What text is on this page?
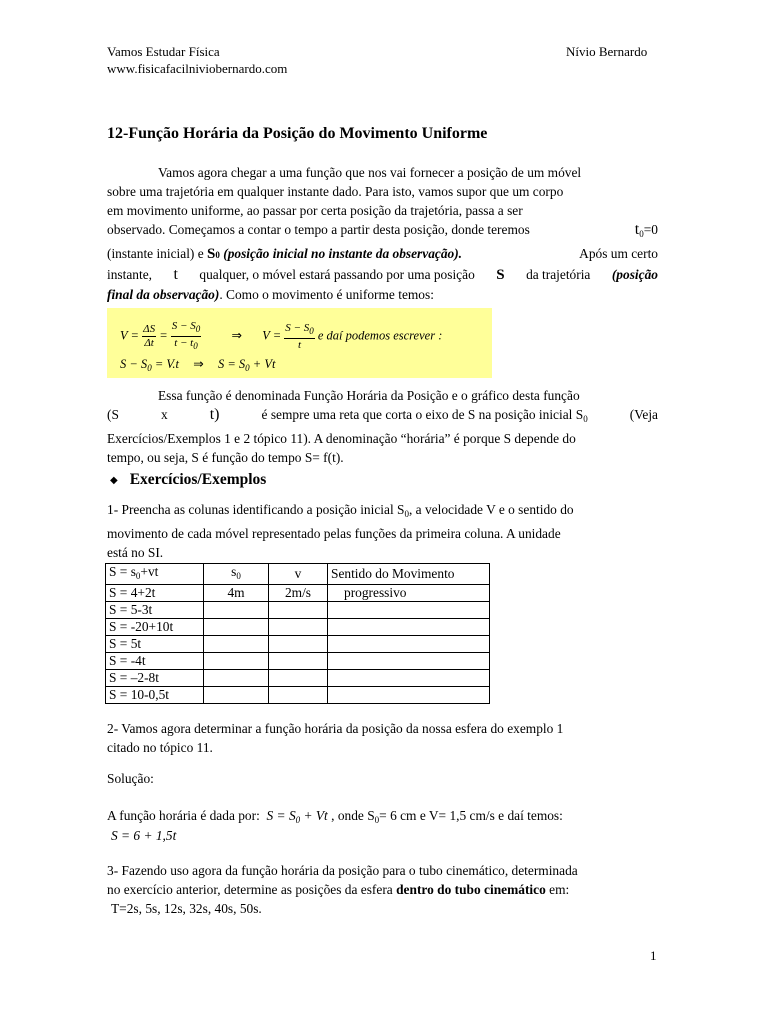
Vamos Estudar Física
www.fisicafacilniviobernardo.com
Nívio Bernardo
12-Função Horária da Posição do Movimento Uniforme
Vamos agora chegar a uma função que nos vai fornecer a posição de um móvel
sobre uma trajetória em qualquer instante dado. Para isto, vamos supor que um corpo
em movimento uniforme, ao passar por certa posição da trajetória, passa a ser
observado. Começamos a contar o tempo a partir desta posição, donde teremos	$t_0=0$
(instante inicial) e
S 0
(posição inicial no instante da observação).	Após um certo
instante, t qualquer, o móvel estará passando por uma posição S da trajetória (posição
final da observação). Como o movimento é uniforme temos:
$V = \frac{\Delta S}{\Delta t} = \frac{S - S_0}{t - t_0}$ ⇒ $V = \frac{S - S_0}{t}$ e daí podemos escrever :
$S - S_0 = V.t$ ⇒ $S = S_0 + Vt$
Essa função é denominada Função Horária da Posição e o gráfico desta função
(S	x	t)	é sempre uma reta que corta o eixo de S na posição inicial $S_0$	(Veja
Exercícios/Exemplos 1 e 2 tópico 11). A denominação “horária” é porque S depende do
tempo, ou seja, S é função do tempo S= f(t).
◆ Exercícios/Exemplos
1- Preencha as colunas identificando a posição inicial $S_0$, a velocidade V e o sentido do
movimento de cada móvel representado pelas funções da primeira coluna. A unidade
está no SI.
$S = s_0+vt$	$s_0$	v	Sentido do Movimento
S = 4+2t	4m	2m/s	progressivo
S = 5-3t			
S = -20+10t			
S = 5t			
S = -4t			
S = –2-8t			
S = 10-0,5t			
2- Vamos agora determinar a função horária da posição da nossa esfera do exemplo 1
citado no tópico 11.
Solução:
A função horária é dada por: $S = S_0 + Vt$ , onde $S_0= 6$ cm e V= 1,5 cm/s e daí temos:
S = 6 + 1,5t
3- Fazendo uso agora da função horária da posição para o tubo cinemático, determinada
no exercício anterior, determine as posições da esfera dentro do tubo cinemático em:
T=2s, 5s, 12s, 32s, 40s, 50s.
1
